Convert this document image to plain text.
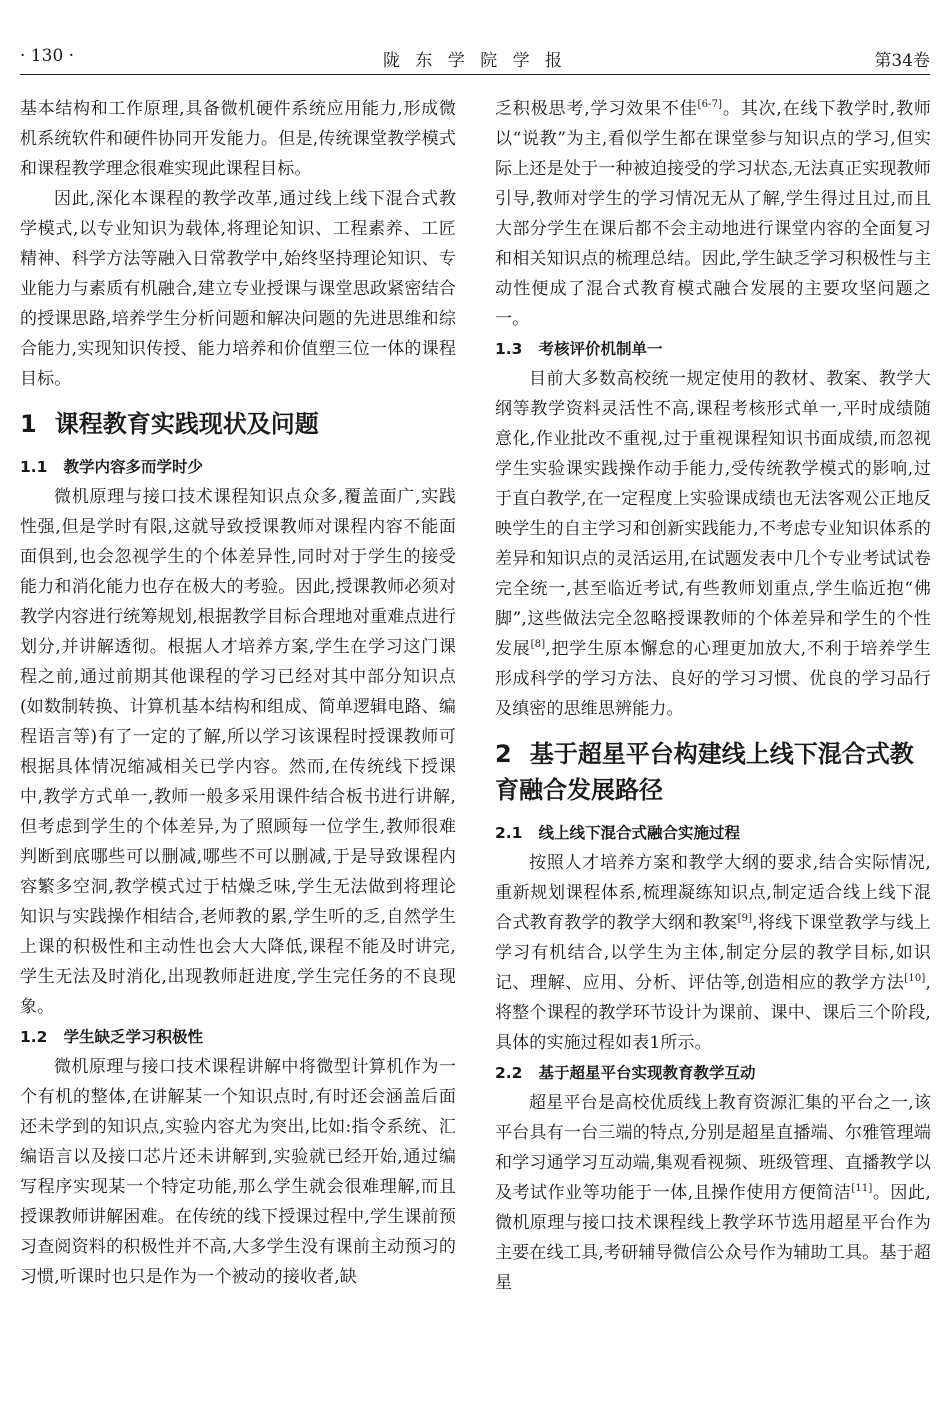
· 130 ·	陇 东 学 院 学 报	第34卷

基本结构和工作原理,具备微机硬件系统应用能力,形成微机系统软件和硬件协同开发能力。但是,传统课堂教学模式和课程教学理念很难实现此课程目标。

因此,深化本课程的教学改革,通过线上线下混合式教学模式,以专业知识为载体,将理论知识、工程素养、工匠精神、科学方法等融入日常教学中,始终坚持理论知识、专业能力与素质有机融合,建立专业授课与课堂思政紧密结合的授课思路,培养学生分析问题和解决问题的先进思维和综合能力,实现知识传授、能力培养和价值塑三位一体的课程目标。

1 课程教育实践现状及问题
1.1 教学内容多而学时少

微机原理与接口技术课程知识点众多,覆盖面广,实践性强,但是学时有限,这就导致授课教师对课程内容不能面面俱到,也会忽视学生的个体差异性,同时对于学生的接受能力和消化能力也存在极大的考验。因此,授课教师必须对教学内容进行统筹规划,根据教学目标合理地对重难点进行划分,并讲解透彻。根据人才培养方案,学生在学习这门课程之前,通过前期其他课程的学习已经对其中部分知识点(如数制转换、计算机基本结构和组成、简单逻辑电路、编程语言等)有了一定的了解,所以学习该课程时授课教师可根据具体情况缩减相关已学内容。然而,在传统线下授课中,教学方式单一,教师一般多采用课件结合板书进行讲解,但考虑到学生的个体差异,为了照顾每一位学生,教师很难判断到底哪些可以删减,哪些不可以删减,于是导致课程内容繁多空洞,教学模式过于枯燥乏味,学生无法做到将理论知识与实践操作相结合,老师教的累,学生听的乏,自然学生上课的积极性和主动性也会大大降低,课程不能及时讲完,学生无法及时消化,出现教师赶进度,学生完任务的不良现象。

1.2 学生缺乏学习积极性

微机原理与接口技术课程讲解中将微型计算机作为一个有机的整体,在讲解某一个知识点时,有时还会涵盖后面还未学到的知识点,实验内容尤为突出,比如:指令系统、汇编语言以及接口芯片还未讲解到,实验就已经开始,通过编写程序实现某一个特定功能,那么学生就会很难理解,而且授课教师讲解困难。在传统的线下授课过程中,学生课前预习查阅资料的积极性并不高,大多学生没有课前主动预习的习惯,听课时也只是作为一个被动的接收者,缺

乏积极思考,学习效果不佳[6-7]。其次,在线下教学时,教师以“说教”为主,看似学生都在课堂参与知识点的学习,但实际上还是处于一种被迫接受的学习状态,无法真正实现教师引导,教师对学生的学习情况无从了解,学生得过且过,而且大部分学生在课后都不会主动地进行课堂内容的全面复习和相关知识点的梳理总结。因此,学生缺乏学习积极性与主动性便成了混合式教育模式融合发展的主要攻坚问题之一。

1.3 考核评价机制单一

目前大多数高校统一规定使用的教材、教案、教学大纲等教学资料灵活性不高,课程考核形式单一,平时成绩随意化,作业批改不重视,过于重视课程知识书面成绩,而忽视学生实验课实践操作动手能力,受传统教学模式的影响,过于直白教学,在一定程度上实验课成绩也无法客观公正地反映学生的自主学习和创新实践能力,不考虑专业知识体系的差异和知识点的灵活运用,在试题发表中几个专业考试试卷完全统一,甚至临近考试,有些教师划重点,学生临近抱“佛脚”,这些做法完全忽略授课教师的个体差异和学生的个性发展[8],把学生原本懈怠的心理更加放大,不利于培养学生形成科学的学习方法、良好的学习习惯、优良的学习品行及缜密的思维思辨能力。

2 基于超星平台构建线上线下混合式教育融合发展路径
2.1 线上线下混合式融合实施过程

按照人才培养方案和教学大纲的要求,结合实际情况,重新规划课程体系,梳理凝练知识点,制定适合线上线下混合式教育教学的教学大纲和教案[9],将线下课堂教学与线上学习有机结合,以学生为主体,制定分层的教学目标,如识记、理解、应用、分析、评估等,创造相应的教学方法[10],将整个课程的教学环节设计为课前、课中、课后三个阶段,具体的实施过程如表1所示。

2.2 基于超星平台实现教育教学互动

超星平台是高校优质线上教育资源汇集的平台之一,该平台具有一台三端的特点,分别是超星直播端、尔雅管理端和学习通学习互动端,集观看视频、班级管理、直播教学以及考试作业等功能于一体,且操作使用方便简洁[11]。因此,微机原理与接口技术课程线上教学环节选用超星平台作为主要在线工具,考研辅导微信公众号作为辅助工具。基于超星
